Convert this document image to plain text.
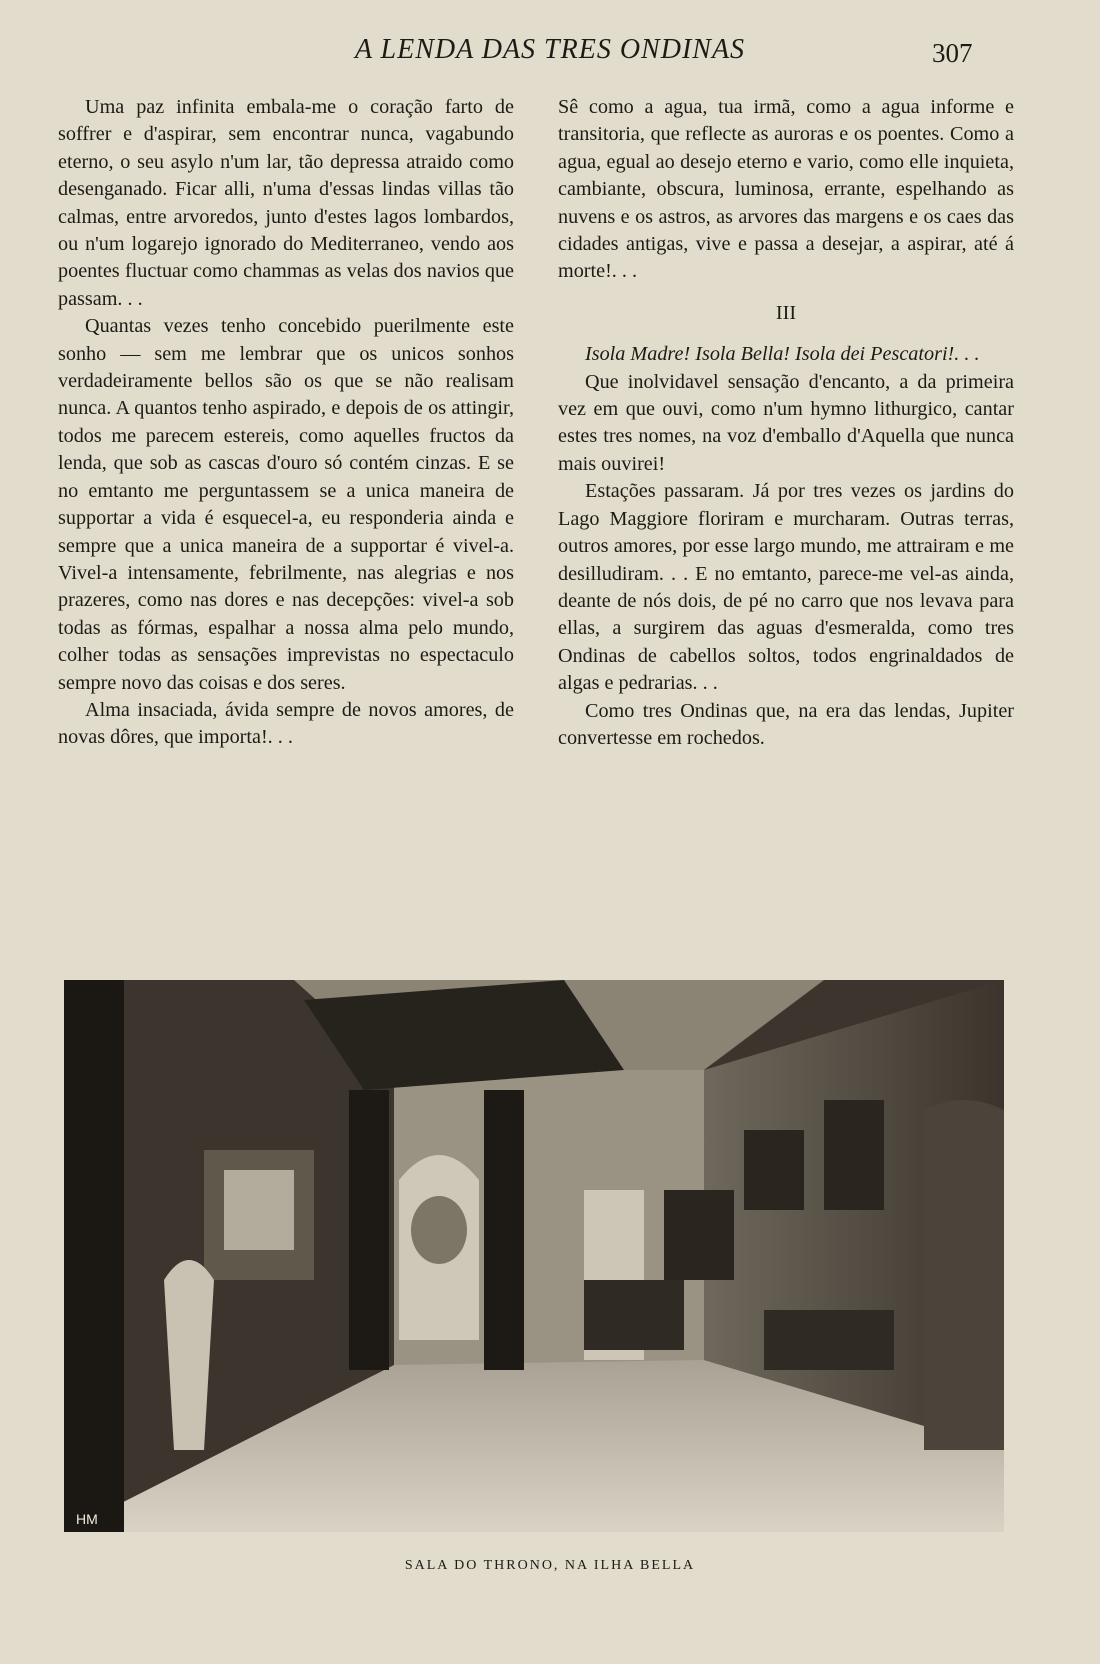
A LENDA DAS TRES ONDINAS	307

Uma paz infinita embala-me o coração farto de soffrer e d'aspirar, sem encontrar nunca, vagabundo eterno, o seu asylo n'um lar, tão depressa atraido como desenganado. Ficar alli, n'uma d'essas lindas villas tão calmas, entre arvoredos, junto d'estes lagos lombardos, ou n'um logarejo ignorado do Mediterraneo, vendo aos poentes fluctuar como chammas as velas dos navios que passam. . .

Quantas vezes tenho concebido puerilmente este sonho — sem me lembrar que os unicos sonhos verdadeiramente bellos são os que se não realisam nunca. A quantos tenho aspirado, e depois de os attingir, todos me parecem estereis, como aquelles fructos da lenda, que sob as cascas d'ouro só contém cinzas. E se no emtanto me perguntassem se a unica maneira de supportar a vida é esquecel-a, eu responderia ainda e sempre que a unica maneira de a supportar é vivel-a. Vivel-a intensamente, febrilmente, nas alegrias e nos prazeres, como nas dores e nas decepções: vivel-a sob todas as fórmas, espalhar a nossa alma pelo mundo, colher todas as sensações imprevistas no espectaculo sempre novo das coisas e dos seres.

Alma insaciada, ávida sempre de novos amores, de novas dôres, que importa!. . .

Sê como a agua, tua irmã, como a agua informe e transitoria, que reflecte as auroras e os poentes. Como a agua, egual ao desejo eterno e vario, como elle inquieta, cambiante, obscura, luminosa, errante, espelhando as nuvens e os astros, as arvores das margens e os caes das cidades antigas, vive e passa a desejar, a aspirar, até á morte!. . .

III

Isola Madre! Isola Bella! Isola dei Pescatori!. . .

Que inolvidavel sensação d'encanto, a da primeira vez em que ouvi, como n'um hymno lithurgico, cantar estes tres nomes, na voz d'emballo d'Aquella que nunca mais ouvirei!

Estações passaram. Já por tres vezes os jardins do Lago Maggiore floriram e murcharam. Outras terras, outros amores, por esse largo mundo, me attrairam e me desilludiram. . . E no emtanto, parece-me vel-as ainda, deante de nós dois, de pé no carro que nos levava para ellas, a surgirem das aguas d'esmeralda, como tres Ondinas de cabellos soltos, todos engrinaldados de algas e pedrarias. . .

Como tres Ondinas que, na era das lendas, Jupiter convertesse em rochedos.

HM
SALA DO THRONO, NA ILHA BELLA
